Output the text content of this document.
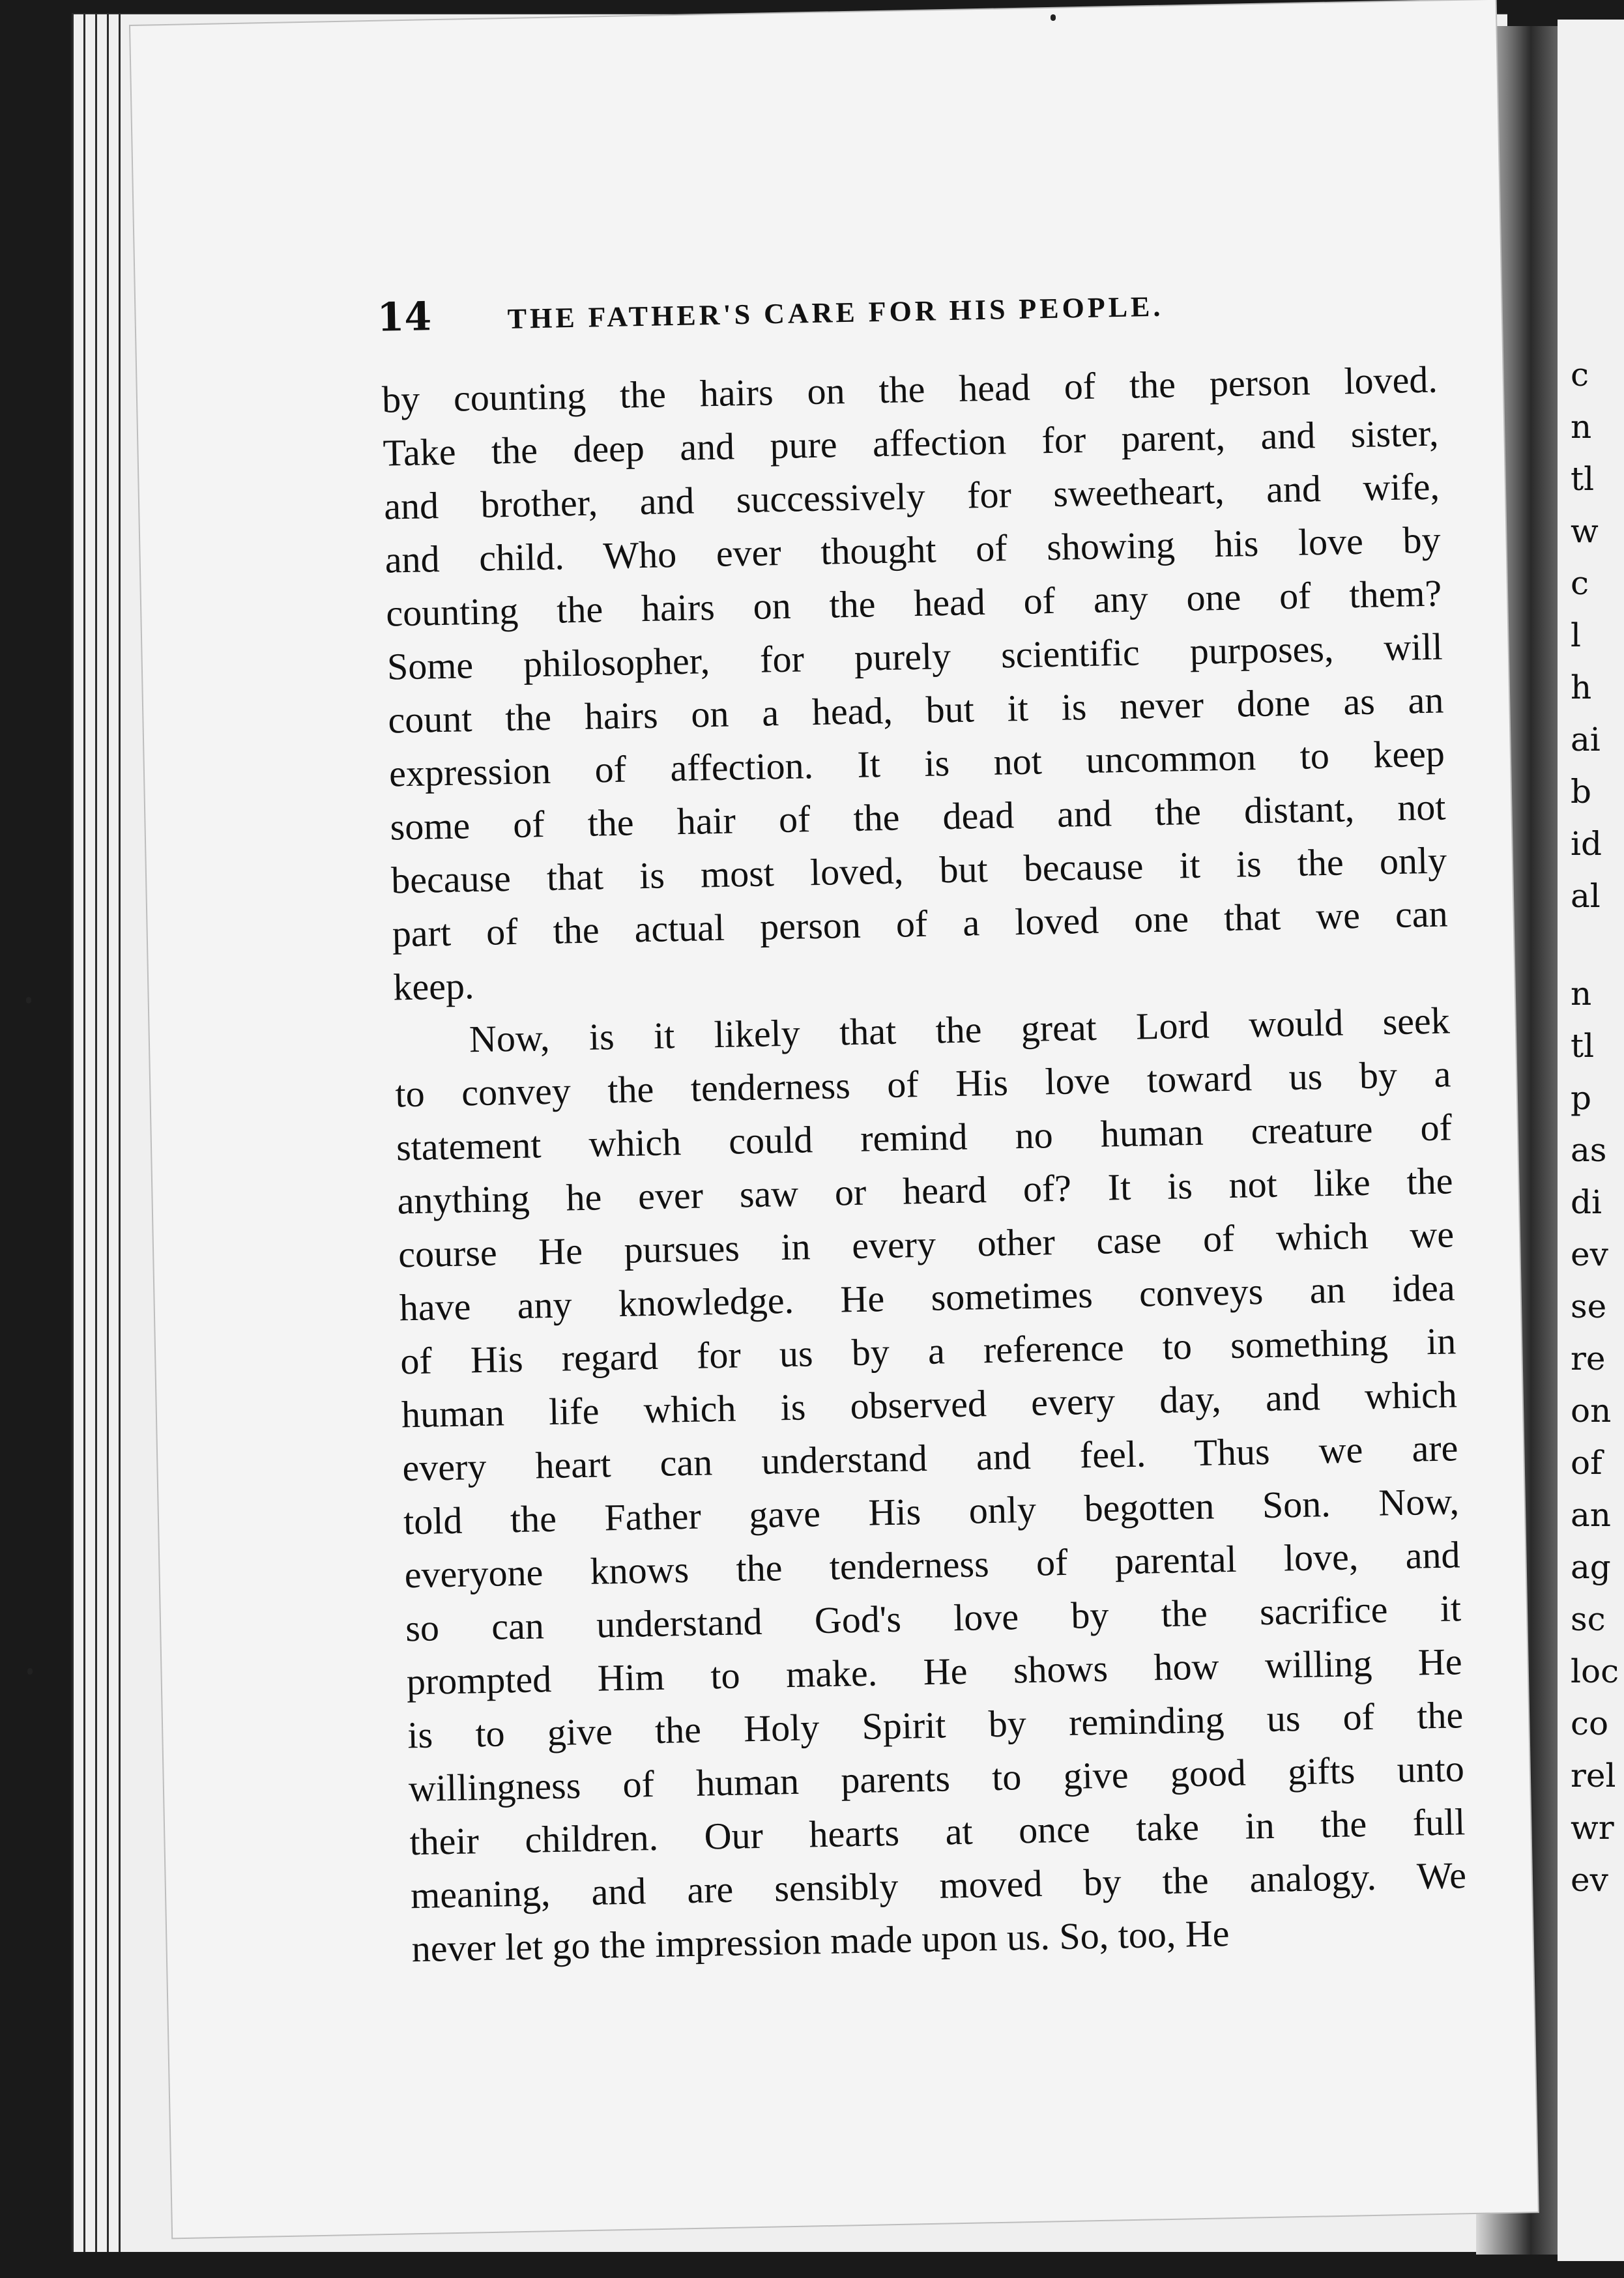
c
n
tl
w
c
l
h
ai
b
id
al
n
tl
p
as
di
ev
se
re
on
of
an
ag
sc
loc
co
rel
wr
ev
14	THE FATHER'S CARE FOR HIS PEOPLE.
by counting the hairs on the head of the person loved.
Take the deep and pure affection for parent, and sister,
and brother, and successively for sweetheart, and wife,
and child. Who ever thought of showing his love by
counting the hairs on the head of any one of them?
Some philosopher, for purely scientific purposes, will
count the hairs on a head, but it is never done as an
expression of affection. It is not uncommon to keep
some of the hair of the dead and the distant, not
because that is most loved, but because it is the only
part of the actual person of a loved one that we can
keep.
Now, is it likely that the great Lord would seek
to convey the tenderness of His love toward us by a
statement which could remind no human creature of
anything he ever saw or heard of? It is not like the
course He pursues in every other case of which we
have any knowledge. He sometimes conveys an idea
of His regard for us by a reference to something in
human life which is observed every day, and which
every heart can understand and feel. Thus we are
told the Father gave His only begotten Son. Now,
everyone knows the tenderness of parental love, and
so can understand God's love by the sacrifice it
prompted Him to make. He shows how willing He
is to give the Holy Spirit by reminding us of the
willingness of human parents to give good gifts unto
their children. Our hearts at once take in the full
meaning, and are sensibly moved by the analogy. We
never let go the impression made upon us. So, too, He
